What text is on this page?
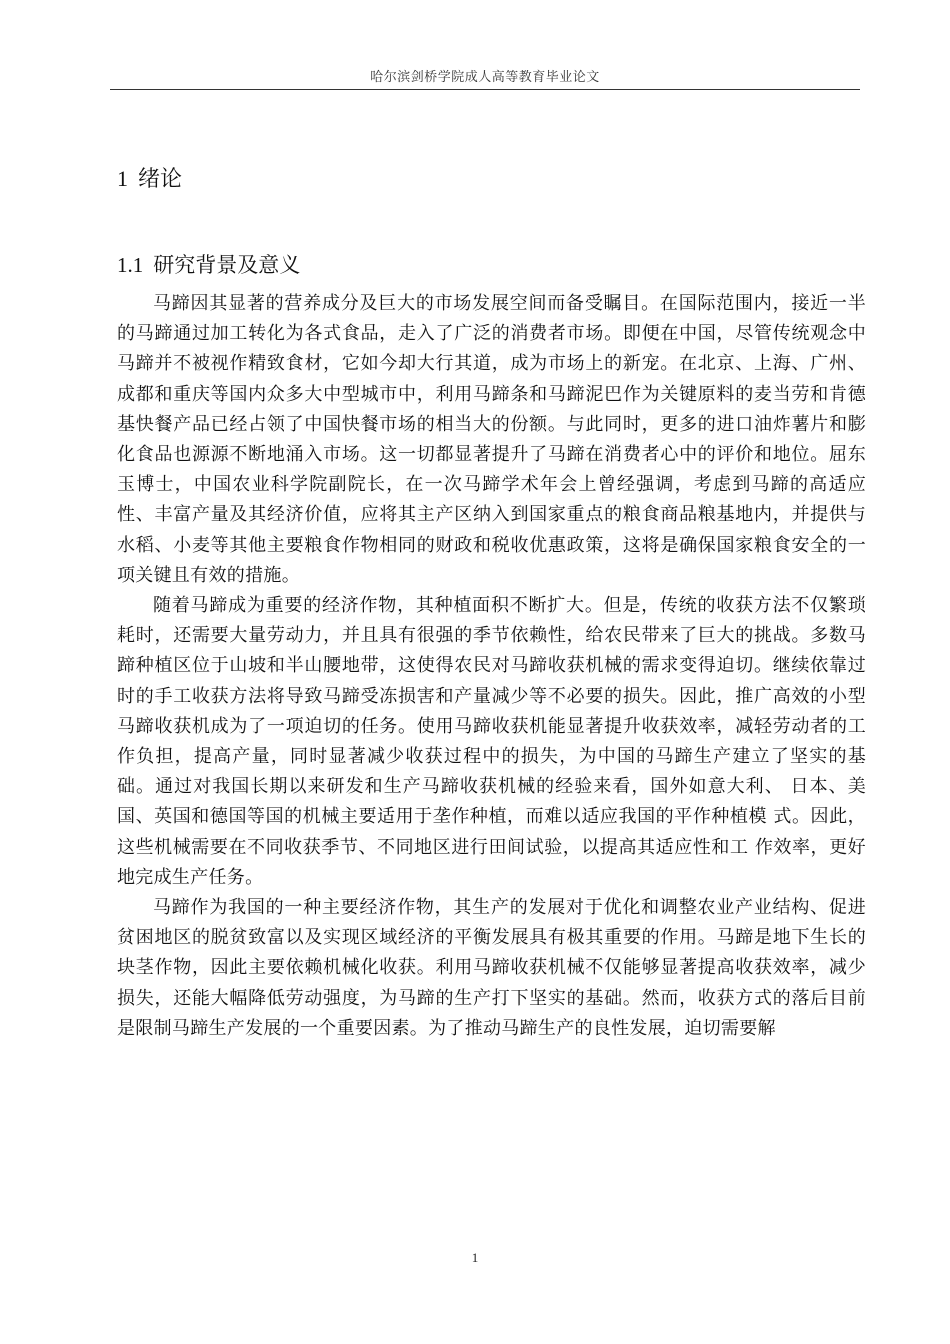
哈尔滨剑桥学院成人高等教育毕业论文
1 绪论
1.1 研究背景及意义

马蹄因其显著的营养成分及巨大的市场发展空间而备受瞩目。在国际范围内，接近一半的马蹄通过加工转化为各式食品，走入了广泛的消费者市场。即便在中国，尽管传统观念中马蹄并不被视作精致食材，它如今却大行其道，成为市场上的新宠。在北京、上海、广州、成都和重庆等国内众多大中型城市中，利用马蹄条和马蹄泥巴作为关键原料的麦当劳和肯德基快餐产品已经占领了中国快餐市场的相当大的份额。与此同时，更多的进口油炸薯片和膨化食品也源源不断地涌入市场。这一切都显著提升了马蹄在消费者心中的评价和地位。屈东玉博士，中国农业科学院副院长，在一次马蹄学术年会上曾经强调，考虑到马蹄的高适应性、丰富产量及其经济价值，应将其主产区纳入到国家重点的粮食商品粮基地内，并提供与水稻、小麦等其他主要粮食作物相同的财政和税收优惠政策，这将是确保国家粮食安全的一项关键且有效的措施。

随着马蹄成为重要的经济作物，其种植面积不断扩大。但是，传统的收获方法不仅繁琐耗时，还需要大量劳动力，并且具有很强的季节依赖性，给农民带来了巨大的挑战。多数马蹄种植区位于山坡和半山腰地带，这使得农民对马蹄收获机械的需求变得迫切。继续依靠过时的手工收获方法将导致马蹄受冻损害和产量减少等不必要的损失。因此，推广高效的小型马蹄收获机成为了一项迫切的任务。使用马蹄收获机能显著提升收获效率，减轻劳动者的工作负担，提高产量，同时显著减少收获过程中的损失，为中国的马蹄生产建立了坚实的基础。通过对我国长期以来研发和生产马蹄收获机械的经验来看，国外如意大利、 日本、美国、英国和德国等国的机械主要适用于垄作种植，而难以适应我国的平作种植模 式。因此，这些机械需要在不同收获季节、不同地区进行田间试验，以提高其适应性和工 作效率，更好地完成生产任务。

马蹄作为我国的一种主要经济作物，其生产的发展对于优化和调整农业产业结构、促进贫困地区的脱贫致富以及实现区域经济的平衡发展具有极其重要的作用。马蹄是地下生长的块茎作物，因此主要依赖机械化收获。利用马蹄收获机械不仅能够显著提高收获效率，减少损失，还能大幅降低劳动强度，为马蹄的生产打下坚实的基础。然而，收获方式的落后目前是限制马蹄生产发展的一个重要因素。为了推动马蹄生产的良性发展，迫切需要解

1
